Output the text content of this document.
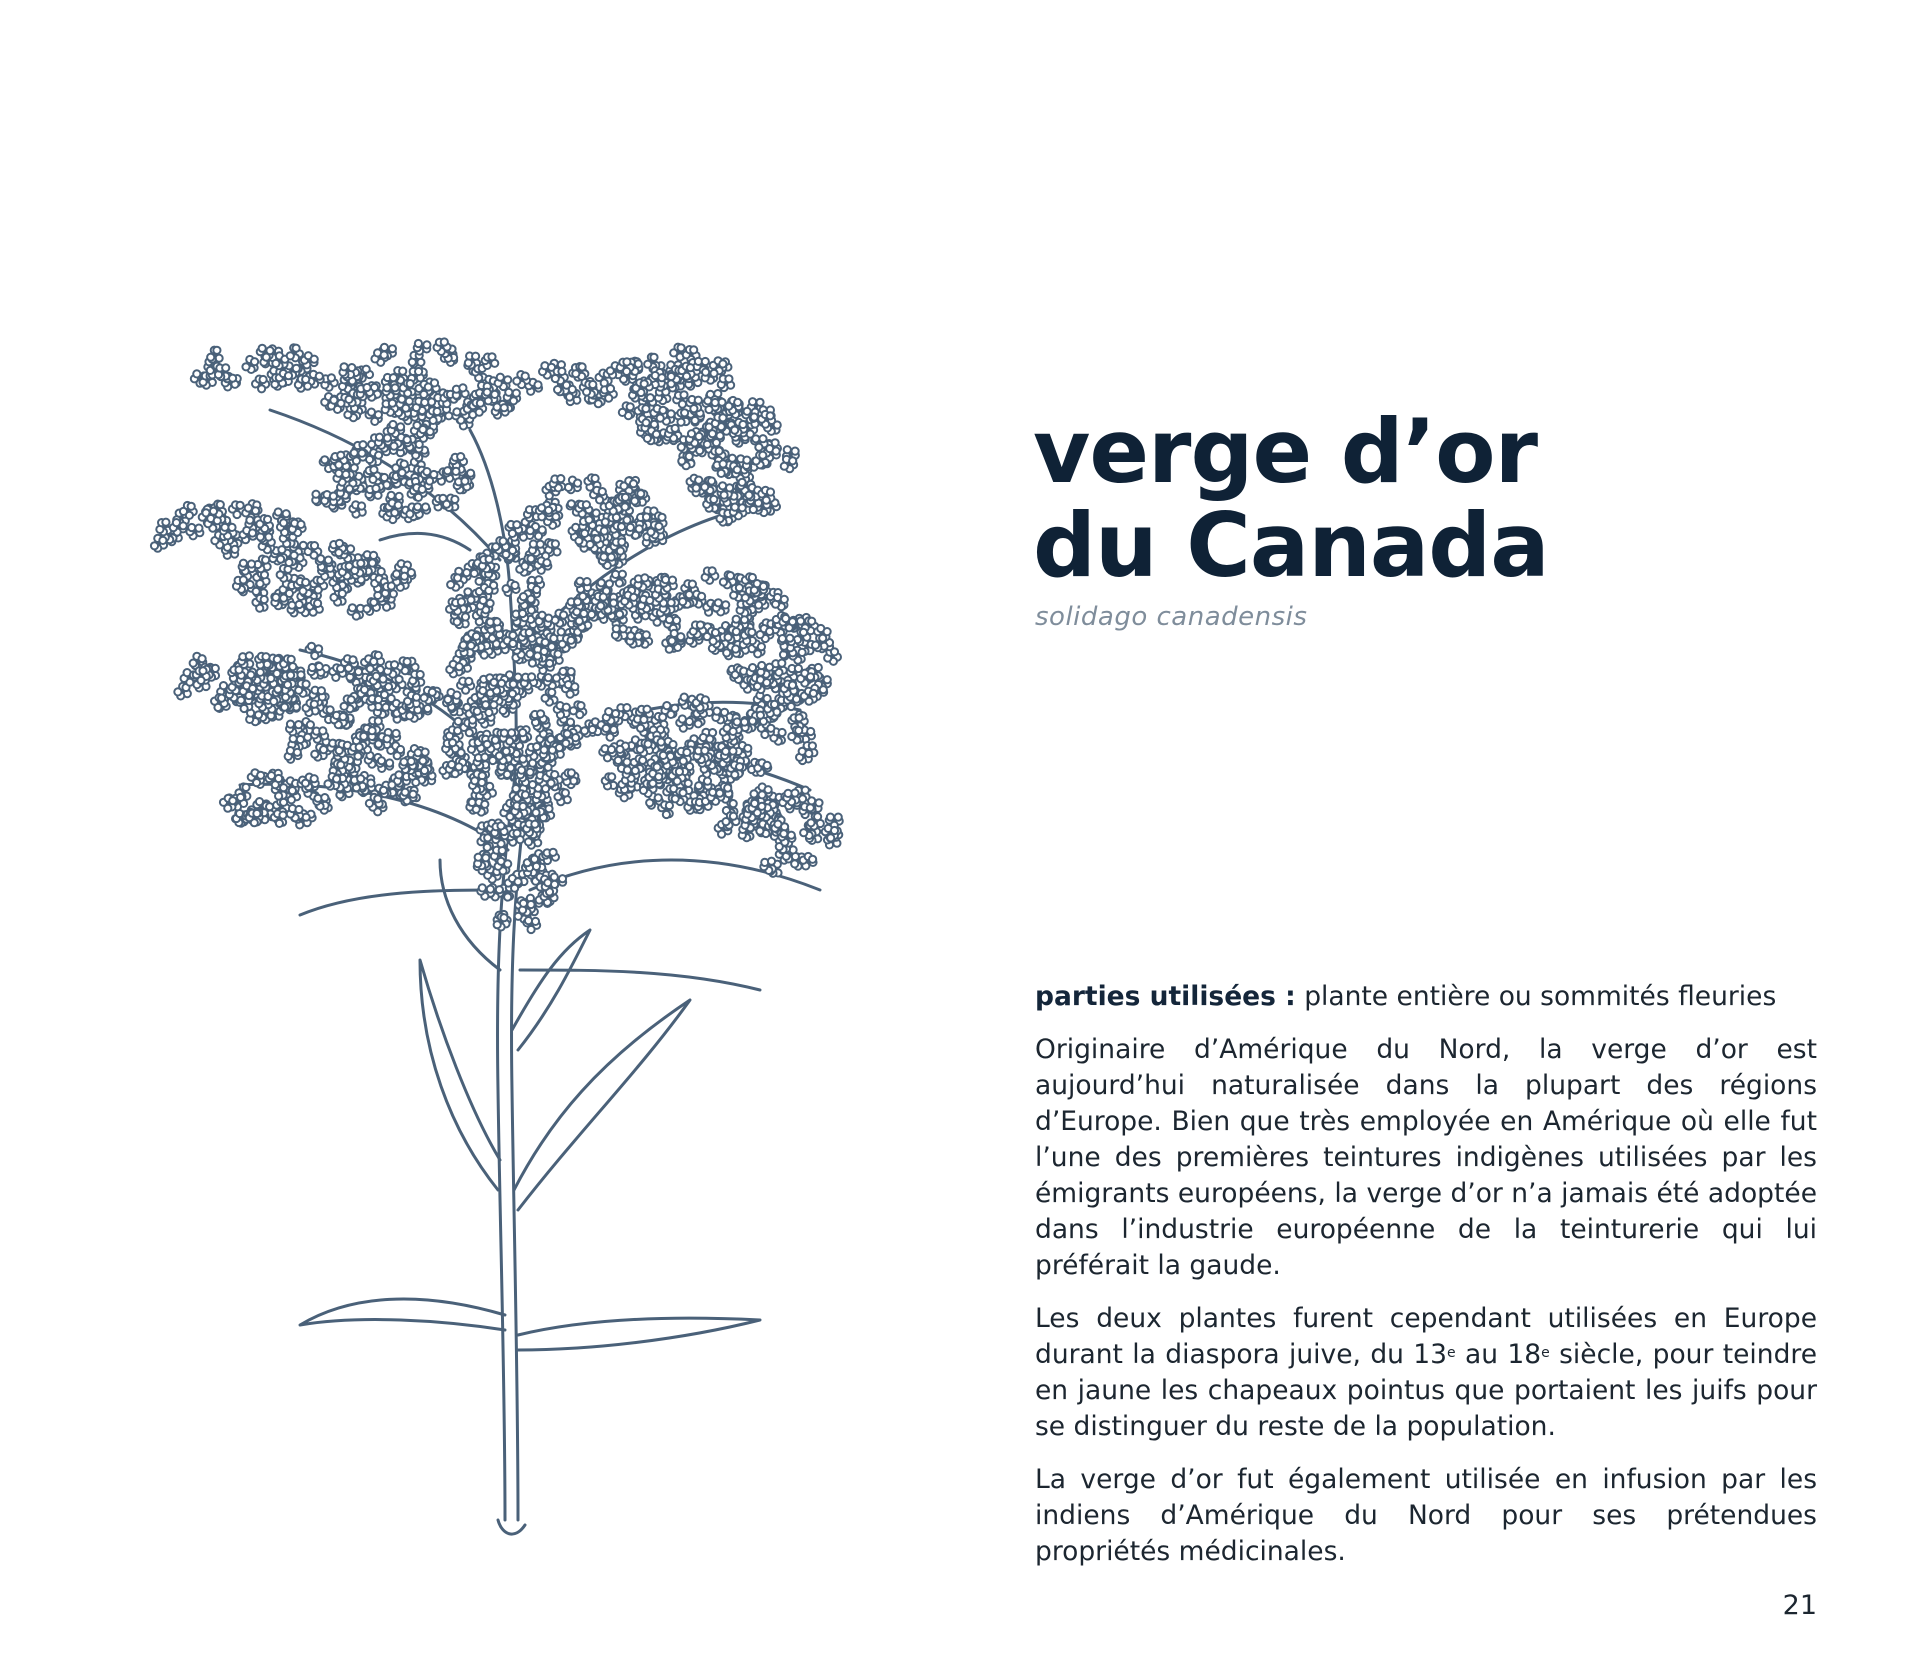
verge d’or
du Canada

solidago canadensis

parties utilisées : plante entière ou sommités fleuries

Originaire d’Amérique du Nord, la verge d’or est aujourd’hui naturalisée dans la plupart des régions d’Europe. Bien que très employée en Amérique où elle fut l’une des premières teintures indigènes utilisées par les émigrants européens, la verge d’or n’a jamais été adoptée dans l’industrie européenne de la teinturerie qui lui préférait la gaude.

Les deux plantes furent cependant utilisées en Europe durant la diaspora juive, du 13e au 18e siècle, pour teindre en jaune les chapeaux pointus que portaient les juifs pour se distinguer du reste de la population.

La verge d’or fut également utilisée en infusion par les indiens d’Amérique du Nord pour ses prétendues propriétés médicinales.

21
